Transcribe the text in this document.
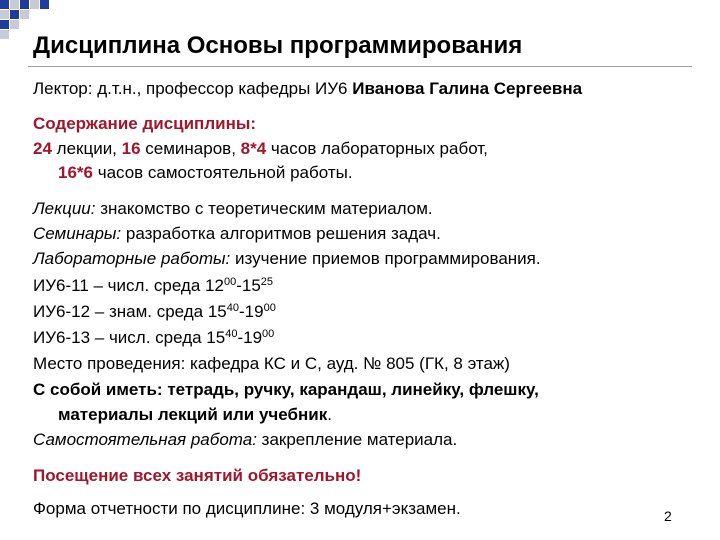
Дисциплина Основы программирования
Лектор: д.т.н., профессор кафедры ИУ6 Иванова Галина Сергеевна
Содержание дисциплины:
24 лекции, 16 семинаров, 8*4 часов лабораторных работ,
16*6 часов самостоятельной работы.
Лекции: знакомство с теоретическим материалом.
Семинары: разработка алгоритмов решения задач.
Лабораторные работы: изучение приемов программирования.
ИУ6-11 – числ. среда $12^{00}-15^{25}$
ИУ6-12 – знам. среда $15^{40}-19^{00}$
ИУ6-13 – числ. среда $15^{40}-19^{00}$
Место проведения: кафедра КС и С, ауд. № 805 (ГК, 8 этаж)
С собой иметь: тетрадь, ручку, карандаш, линейку, флешку,
материалы лекций или учебник.
Самостоятельная работа: закрепление материала.
Посещение всех занятий обязательно!
Форма отчетности по дисциплине: 3 модуля+экзамен.	2
